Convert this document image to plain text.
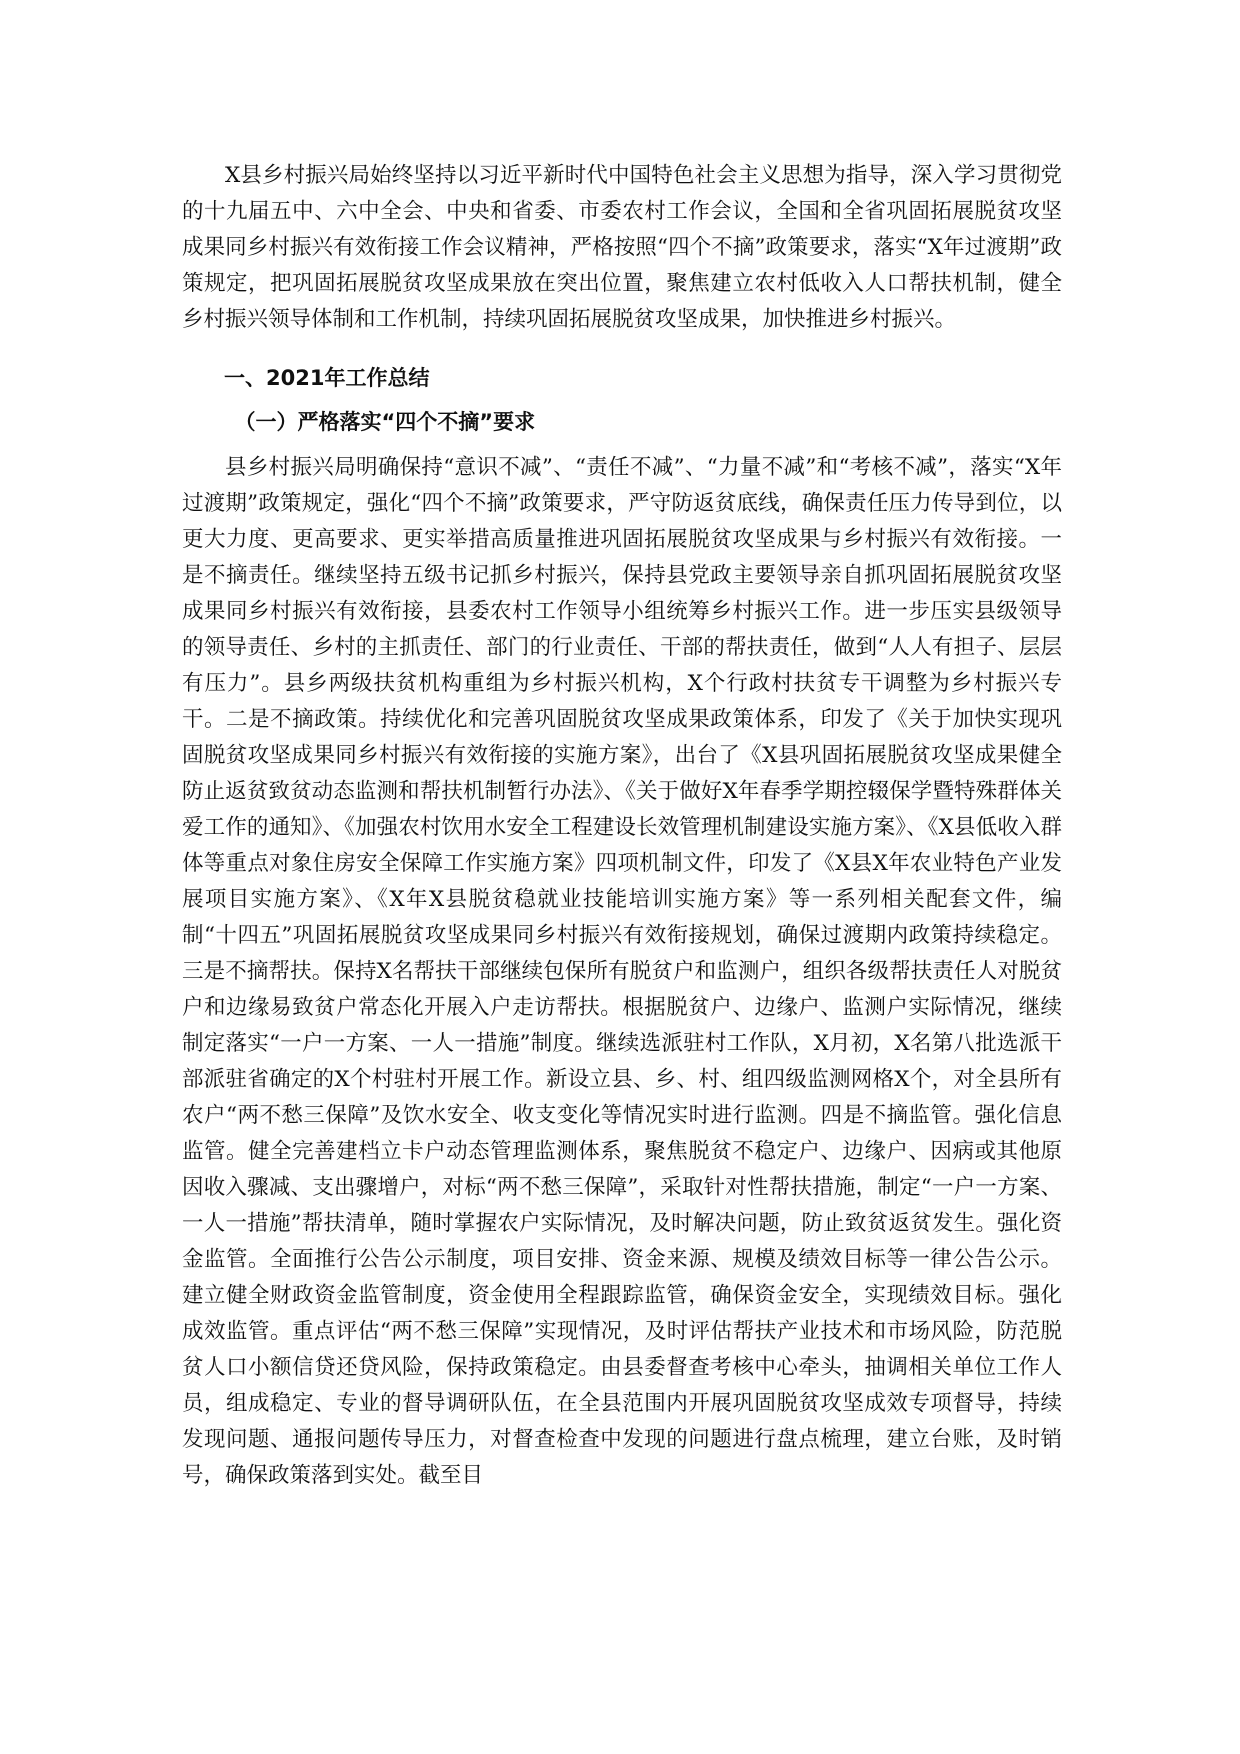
X县乡村振兴局始终坚持以习近平新时代中国特色社会主义思想为指导，深入学习贯彻党的十九届五中、六中全会、中央和省委、市委农村工作会议，全国和全省巩固拓展脱贫攻坚成果同乡村振兴有效衔接工作会议精神，严格按照“四个不摘”政策要求，落实“X年过渡期”政策规定，把巩固拓展脱贫攻坚成果放在突出位置，聚焦建立农村低收入人口帮扶机制，健全乡村振兴领导体制和工作机制，持续巩固拓展脱贫攻坚成果，加快推进乡村振兴。

一、2021年工作总结
（一）严格落实“四个不摘”要求

县乡村振兴局明确保持“意识不减”、“责任不减”、“力量不减”和“考核不减”，落实“X年过渡期”政策规定，强化“四个不摘”政策要求，严守防返贫底线，确保责任压力传导到位，以更大力度、更高要求、更实举措高质量推进巩固拓展脱贫攻坚成果与乡村振兴有效衔接。一是不摘责任。继续坚持五级书记抓乡村振兴，保持县党政主要领导亲自抓巩固拓展脱贫攻坚成果同乡村振兴有效衔接，县委农村工作领导小组统筹乡村振兴工作。进一步压实县级领导的领导责任、乡村的主抓责任、部门的行业责任、干部的帮扶责任，做到“人人有担子、层层有压力”。县乡两级扶贫机构重组为乡村振兴机构，X个行政村扶贫专干调整为乡村振兴专干。二是不摘政策。持续优化和完善巩固脱贫攻坚成果政策体系，印发了《关于加快实现巩固脱贫攻坚成果同乡村振兴有效衔接的实施方案》，出台了《X县巩固拓展脱贫攻坚成果健全防止返贫致贫动态监测和帮扶机制暂行办法》、《关于做好X年春季学期控辍保学暨特殊群体关爱工作的通知》、《加强农村饮用水安全工程建设长效管理机制建设实施方案》、《X县低收入群体等重点对象住房安全保障工作实施方案》四项机制文件，印发了《X县X年农业特色产业发展项目实施方案》、《X年X县脱贫稳就业技能培训实施方案》等一系列相关配套文件，编制“十四五”巩固拓展脱贫攻坚成果同乡村振兴有效衔接规划，确保过渡期内政策持续稳定。三是不摘帮扶。保持X名帮扶干部继续包保所有脱贫户和监测户，组织各级帮扶责任人对脱贫户和边缘易致贫户常态化开展入户走访帮扶。根据脱贫户、边缘户、监测户实际情况，继续制定落实“一户一方案、一人一措施”制度。继续选派驻村工作队，X月初，X名第八批选派干部派驻省确定的X个村驻村开展工作。新设立县、乡、村、组四级监测网格X个，对全县所有农户“两不愁三保障”及饮水安全、收支变化等情况实时进行监测。四是不摘监管。强化信息监管。健全完善建档立卡户动态管理监测体系，聚焦脱贫不稳定户、边缘户、因病或其他原因收入骤减、支出骤增户，对标“两不愁三保障”，采取针对性帮扶措施，制定“一户一方案、一人一措施”帮扶清单，随时掌握农户实际情况，及时解决问题，防止致贫返贫发生。强化资金监管。全面推行公告公示制度，项目安排、资金来源、规模及绩效目标等一律公告公示。建立健全财政资金监管制度，资金使用全程跟踪监管，确保资金安全，实现绩效目标。强化成效监管。重点评估“两不愁三保障”实现情况，及时评估帮扶产业技术和市场风险，防范脱贫人口小额信贷还贷风险，保持政策稳定。由县委督查考核中心牵头，抽调相关单位工作人员，组成稳定、专业的督导调研队伍，在全县范围内开展巩固脱贫攻坚成效专项督导，持续发现问题、通报问题传导压力，对督查检查中发现的问题进行盘点梳理，建立台账，及时销号，确保政策落到实处。截至目
